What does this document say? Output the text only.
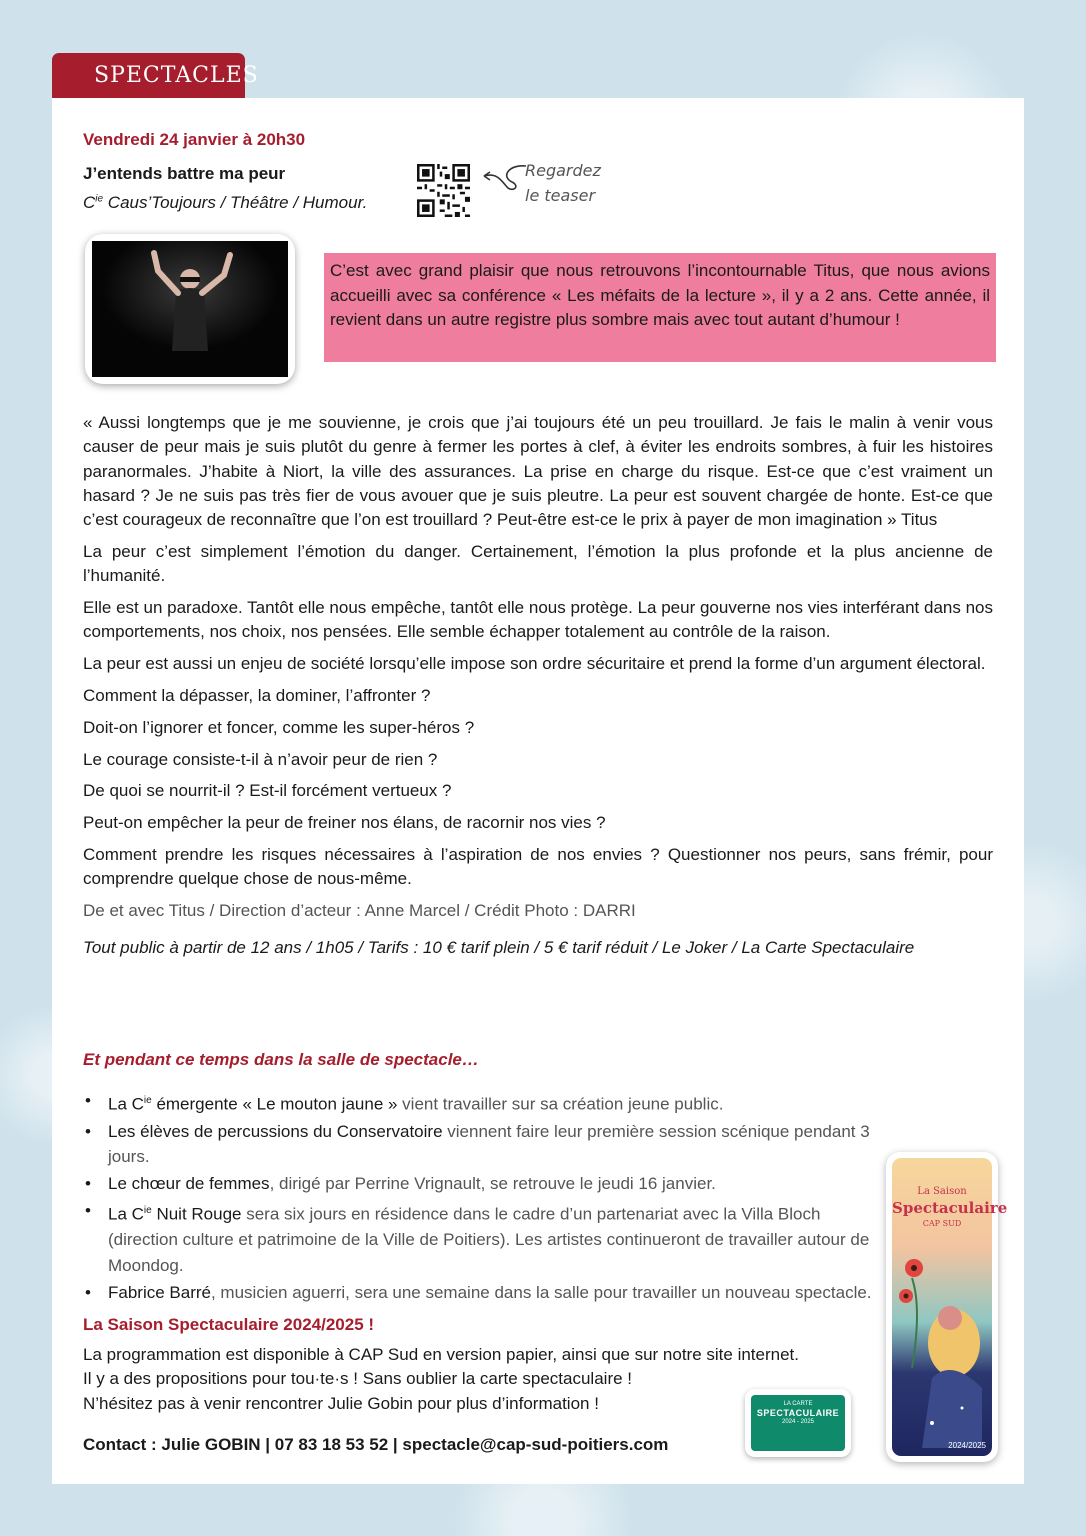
SPECTACLES
Vendredi 24 janvier à 20h30
J’entends battre ma peur
$C^{ie}$ Caus’Toujours / Théâtre / Humour.
Regardez
le teaser
C’est avec grand plaisir que nous retrouvons l’incontournable Titus, que nous avions accueilli avec sa conférence « Les méfaits de la lecture », il y a 2 ans. Cette année, il revient dans un autre registre plus sombre mais avec tout autant d’humour !

« Aussi longtemps que je me souvienne, je crois que j’ai toujours été un peu trouillard. Je fais le malin à venir vous causer de peur mais je suis plutôt du genre à fermer les portes à clef, à éviter les endroits sombres, à fuir les histoires paranormales. J’habite à Niort, la ville des assurances. La prise en charge du risque. Est-ce que c’est vraiment un hasard ? Je ne suis pas très fier de vous avouer que je suis pleutre. La peur est souvent chargée de honte. Est-ce que c’est courageux de reconnaître que l’on est trouillard ? Peut-être est-ce le prix à payer de mon imagination » Titus

La peur c’est simplement l’émotion du danger. Certainement, l’émotion la plus profonde et la plus ancienne de l’humanité.

Elle est un paradoxe. Tantôt elle nous empêche, tantôt elle nous protège. La peur gouverne nos vies interférant dans nos comportements, nos choix, nos pensées. Elle semble échapper totalement au contrôle de la raison.

La peur est aussi un enjeu de société lorsqu’elle impose son ordre sécuritaire et prend la forme d’un argument électoral.

Comment la dépasser, la dominer, l’affronter ?

Doit-on l’ignorer et foncer, comme les super-héros ?

Le courage consiste-t-il à n’avoir peur de rien ?

De quoi se nourrit-il ? Est-il forcément vertueux ?

Peut-on empêcher la peur de freiner nos élans, de racornir nos vies ?

Comment prendre les risques nécessaires à l’aspiration de nos envies ? Questionner nos peurs, sans frémir, pour comprendre quelque chose de nous-même.

De et avec Titus / Direction d’acteur : Anne Marcel / Crédit Photo : DARRI

Tout public à partir de 12 ans / 1h05 / Tarifs : 10 € tarif plein / 5 € tarif réduit / Le Joker / La Carte Spectaculaire

Et pendant ce temps dans la salle de spectacle…
• La $C^{ie}$ émergente « Le mouton jaune » vient travailler sur sa création jeune public.
• Les élèves de percussions du Conservatoire viennent faire leur première session scénique pendant 3 jours.
• Le chœur de femmes, dirigé par Perrine Vrignault, se retrouve le jeudi 16 janvier.
• La $C^{ie}$ Nuit Rouge sera six jours en résidence dans le cadre d’un partenariat avec la Villa Bloch (direction culture et patrimoine de la Ville de Poitiers). Les artistes continueront de travailler autour de Moondog.
• Fabrice Barré, musicien aguerri, sera une semaine dans la salle pour travailler un nouveau spectacle.
La Saison Spectaculaire 2024/2025 !
La programmation est disponible à CAP Sud en version papier, ainsi que sur notre site internet.
Il y a des propositions pour tou·te·s ! Sans oublier la carte spectaculaire !
N’hésitez pas à venir rencontrer Julie Gobin pour plus d’information !
Contact : Julie GOBIN | 07 83 18 53 52 | spectacle@cap-sud-poitiers.com
LA CARTE
SPECTACULAIRE
2024 - 2025
La Saison
Spectaculaire
CAP SUD
2024/2025
